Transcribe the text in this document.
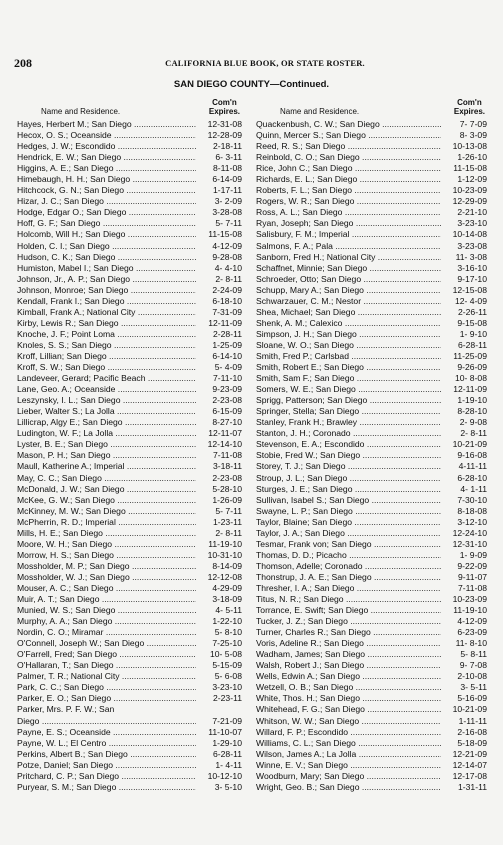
208	CALIFORNIA BLUE BOOK, OR STATE ROSTER.
SAN DIEGO COUNTY—Continued.
Name and Residence.
Com'n
Expires.
Hayes, Herbert M.; San Diego .....	12-31-08
Hecox, O. S.; Oceanside .....	12-28-09
Hedges, J. W.; Escondido .....	2-18-11
Hendrick, E. W.; San Diego .....	6- 3-11
Higgins, A. E.; San Diego .....	8-11-08
Himebaugh, H. H.; San Diego .....	6-14-09
Hitchcock, G. N.; San Diego .....	1-17-11
Hizar, J. C.; San Diego .....	3- 2-09
Hodge, Edgar O.; San Diego .....	3-28-08
Hoff, G. F.; San Diego .....	5- 7-11
Holcomb, Will H.; San Diego .....	11-15-08
Holden, C. I.; San Diego .....	4-12-09
Hudson, C. K.; San Diego .....	9-28-08
Humiston, Mabel I.; San Diego .....	4- 4-10
Johnson, Jr., A. P.; San Diego .....	2- 8-11
Johnson, Monroe; San Diego .....	2-24-09
Kendall, Frank I.; San Diego .....	6-18-10
Kimball, Frank A.; National City .....	7-31-09
Kirby, Lewis R.; San Diego .....	12-11-09
Knoche, J. F.; Point Loma .....	2-28-11
Knoles, S. S.; San Diego .....	1-25-09
Kroff, Lillian; San Diego .....	6-14-10
Kroff, S. W.; San Diego .....	5- 4-09
Landeveer, Gerard; Pacific Beach .....	7-11-10
Lane, Geo. A.; Oceanside .....	9-23-09
Leszynsky, I. L.; San Diego .....	2-23-08
Lieber, Walter S.; La Jolla .....	6-15-09
Lillicrap, Algy E.; San Diego .....	8-27-10
Ludington, W. F.; La Jolla .....	12-11-07
Lyster, B. E.; San Diego .....	12-14-10
Mason, P. H.; San Diego .....	7-11-08
Maull, Katherine A.; Imperial .....	3-18-11
May, C. C.; San Diego .....	2-23-08
McDonald, J. W.; San Diego .....	5-28-10
McKee, G. W.; San Diego .....	1-26-09
McKinney, M. W.; San Diego .....	5- 7-11
McPherrin, R. D.; Imperial .....	1-23-11
Mills, H. E.; San Diego .....	2- 8-11
Moore, W. H.; San Diego .....	11-19-10
Morrow, H. S.; San Diego .....	10-31-10
Mossholder, M. P.; San Diego .....	8-14-09
Mossholder, W. J.; San Diego .....	12-12-08
Mouser, A. C.; San Diego .....	4-29-09
Muir, A. T.; San Diego .....	3-18-09
Munied, W. S.; San Diego .....	4- 5-11
Murphy, A. A.; San Diego .....	1-22-10
Nordin, C. O.; Miramar .....	5- 8-10
O'Connell, Joseph W.; San Diego .....	7-25-10
O'Farrell, Fred; San Diego .....	10- 5-08
O'Hallaran, T.; San Diego .....	5-15-09
Palmer, T. R.; National City .....	5- 6-08
Park, C. C.; San Diego .....	3-23-10
Parker, E. O.; San Diego .....	2-23-11
Parker, Mrs. P. F. W.; San
Diego .....	7-21-09
Payne, E. S.; Oceanside .....	11-10-07
Payne, W. L.; El Centro .....	1-29-10
Perkins, Albert B.; San Diego .....	6-28-11
Potze, Daniel; San Diego .....	1- 4-11
Pritchard, C. P.; San Diego .....	10-12-10
Puryear, S. M.; San Diego .....	3- 5-10
Name and Residence.
Com'n
Expires.
Quackenbush, C. W.; San Diego .....	7- 7-09
Quinn, Mercer S.; San Diego .....	8- 3-09
Reed, R. S.; San Diego .....	10-13-08
Reinbold, C. O.; San Diego .....	1-26-10
Rice, John C.; San Diego .....	11-15-08
Richards, E. L.; San Diego .....	1-12-09
Roberts, F. L.; San Diego .....	10-23-09
Rogers, W. R.; San Diego .....	12-29-09
Ross, A. L.; San Diego .....	2-21-10
Ryan, Joseph; San Diego .....	3-23-10
Salisbury, F. M.; Imperial .....	10-14-08
Salmons, F. A.; Pala .....	3-23-08
Sanborn, Fred H.; National City .....	11- 3-08
Schaffnet, Minnie; San Diego .....	3-16-10
Schroeder, Otto; San Diego .....	9-17-10
Schupp, Mary A.; San Diego .....	12-15-08
Schwarzauer, C. M.; Nestor .....	12- 4-09
Shea, Michael; San Diego .....	2-26-11
Shenk, A. M.; Calexico .....	9-15-08
Simpson, J. H.; San Diego .....	1- 9-10
Sloane, W. O.; San Diego .....	6-28-11
Smith, Fred P.; Carlsbad .....	11-25-09
Smith, Robert E.; San Diego .....	9-26-09
Smith, Sam F.; San Diego .....	10- 8-08
Somers, W. E.; San Diego .....	12-11-09
Sprigg, Patterson; San Diego .....	1-19-10
Springer, Stella; San Diego .....	8-28-10
Stanley, Frank H.; Brawley .....	2- 9-08
Stanton, J. H.; Coronado .....	2- 8-11
Stevenson, E. A.; Escondido .....	10-21-09
Stobie, Fred W.; San Diego .....	9-16-08
Storey, T. J.; San Diego .....	4-11-11
Stroup, J. L.; San Diego .....	6-28-10
Sturges, J. E.; San Diego .....	4- 1-11
Sullivan, Isabel S.; San Diego .....	7-30-10
Swayne, L. P.; San Diego .....	8-18-08
Taylor, Blaine; San Diego .....	3-12-10
Taylor, J. A.; San Diego .....	12-24-10
Tesmar, Frank von; San Diego .....	12-31-10
Thomas, D. D.; Picacho .....	1- 9-09
Thomson, Adelle; Coronado .....	9-22-09
Thonstrup, J. A. E.; San Diego .....	9-11-07
Thresher, I. A.; San Diego .....	7-11-08
Titus, N. R.; San Diego .....	10-23-09
Torrance, E. Swift; San Diego .....	11-19-10
Tucker, J. Z.; San Diego .....	4-12-09
Turner, Charles R.; San Diego .....	6-23-09
Voris, Adeline R.; San Diego .....	11- 8-10
Wadham, James; San Diego .....	5- 8-11
Walsh, Robert J.; San Diego .....	9- 7-08
Wells, Edwin A.; San Diego .....	2-10-08
Wetzell, O. B.; San Diego .....	3- 5-11
White, Thos. H.; San Diego .....	5-16-09
Whitehead, F. G.; San Diego .....	10-21-09
Whitson, W. W.; San Diego .....	1-11-11
Willard, F. P.; Escondido .....	2-16-08
Williams, C. L.; San Diego .....	5-18-09
Wilson, James A.; La Jolla .....	12-21-09
Winne, E. V.; San Diego .....	12-14-07
Woodburn, Mary; San Diego .....	12-17-08
Wright, Geo. B.; San Diego .....	1-31-11
